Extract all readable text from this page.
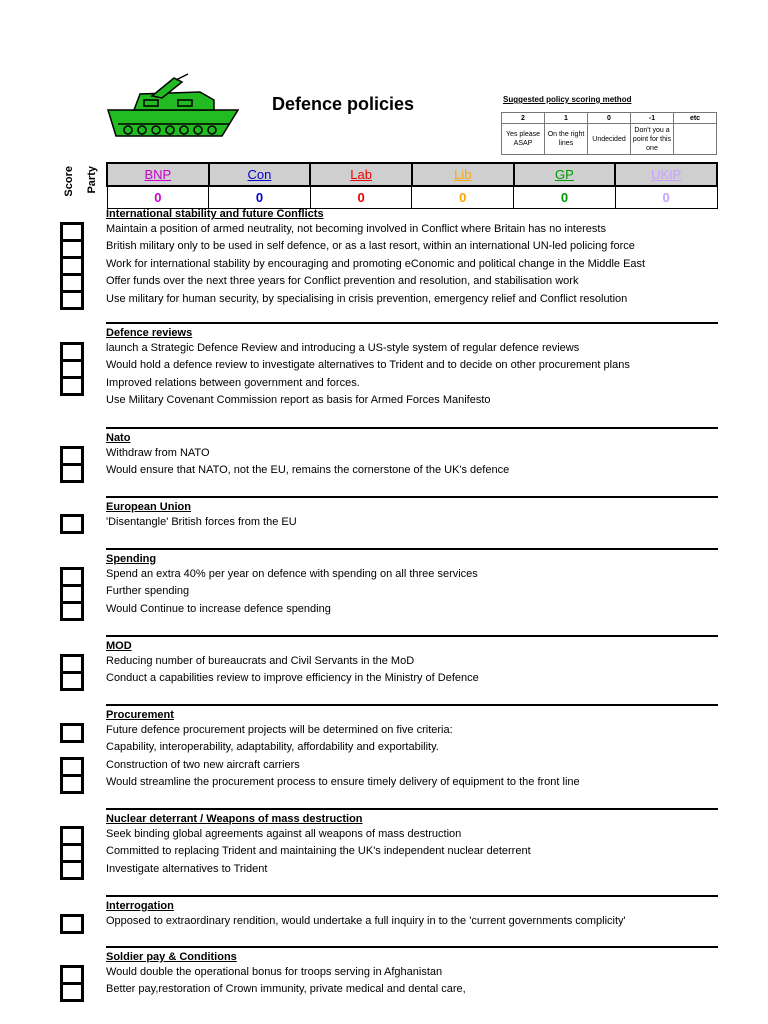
Defence policies	Suggested policy scoring method
2	1	0	-1	etc
Yes please ASAP	On the right lines	Undecided	Don't you a point for this one	
Score Party	BNP	Con	Lab	Lib	GP	UKIP
0	0	0	0	0	0
International stability and future Conflicts
Maintain a position of armed neutrality, not becoming involved in Conflict where Britain has no interests
British military only to be used in self defence, or as a last resort, within an international UN-led policing force
Work for international stability by encouraging and promoting eConomic and political change in the Middle East
Offer funds over the next three years for Conflict prevention and resolution, and stabilisation work
Use military for human security, by specialising in crisis prevention, emergency relief and Conflict resolution
Defence reviews
launch a Strategic Defence Review and introducing a US-style system of regular defence reviews
Would hold a defence review to investigate alternatives to Trident and to decide on other procurement plans
Improved relations between government and forces.
Use Military Covenant Commission report as basis for Armed Forces Manifesto
Nato
Withdraw from NATO
Would ensure that NATO, not the EU, remains the cornerstone of the UK's defence
European Union
'Disentangle' British forces from the EU
Spending
Spend an extra 40% per year on defence with spending on all three services
Further spending
Would Continue to increase defence spending
MOD
Reducing number of bureaucrats and Civil Servants in the MoD
Conduct a capabilities review to improve efficiency in the Ministry of Defence
Procurement
Future defence procurement projects will be determined on five criteria:
Capability, interoperability, adaptability, affordability and exportability.
Construction of two new aircraft carriers
Would streamline the procurement process to ensure timely delivery of equipment to the front line
Nuclear deterrant / Weapons of mass destruction
Seek binding global agreements against all weapons of mass destruction
Committed to replacing Trident and maintaining the UK's independent nuclear deterrent
Investigate alternatives to Trident
Interrogation
Opposed to extraordinary rendition, would undertake a full inquiry in to the 'current governments complicity'
Soldier pay & Conditions
Would double the operational bonus for troops serving in Afghanistan
Better pay,restoration of Crown immunity, private medical and dental care,
